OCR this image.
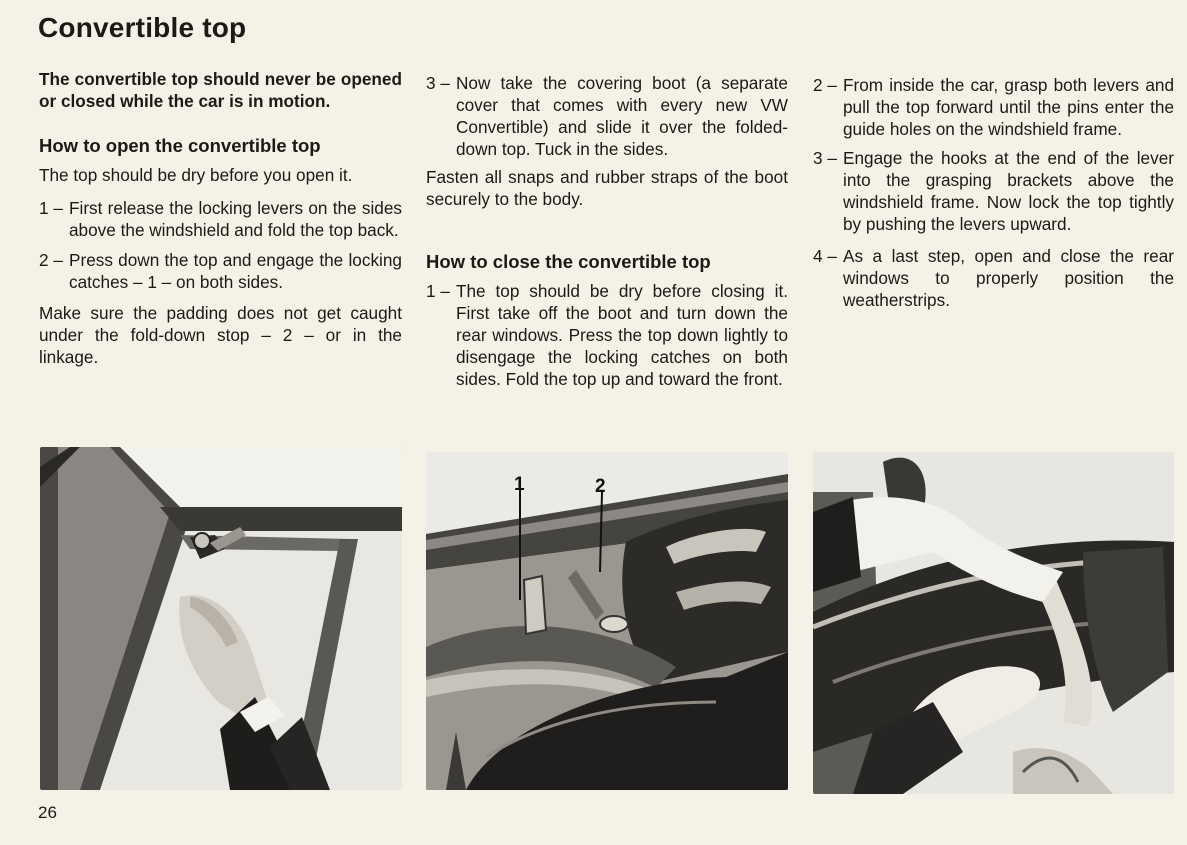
Convertible top

The convertible top should never be opened or closed while the car is in motion.

How to open the convertible top

The top should be dry before you open it.

1 – First release the locking levers on the sides above the windshield and fold the top back.
2 – Press down the top and engage the locking catches – 1 – on both sides.

Make sure the padding does not get caught under the fold-down stop – 2 – or in the linkage.

3 – Now take the covering boot (a separate cover that comes with every new VW Convertible) and slide it over the folded-down top. Tuck in the sides.

Fasten all snaps and rubber straps of the boot securely to the body.

How to close the convertible top

1 – The top should be dry before closing it. First take off the boot and turn down the rear windows. Press the top down lightly to disengage the locking catches on both sides. Fold the top up and toward the front.
2 – From inside the car, grasp both levers and pull the top forward until the pins enter the guide holes on the windshield frame.
3 – Engage the hooks at the end of the lever into the grasping brackets above the windshield frame. Now lock the top tightly by pushing the levers upward.
4 – As a last step, open and close the rear windows to properly position the weatherstrips.
1	2
26
